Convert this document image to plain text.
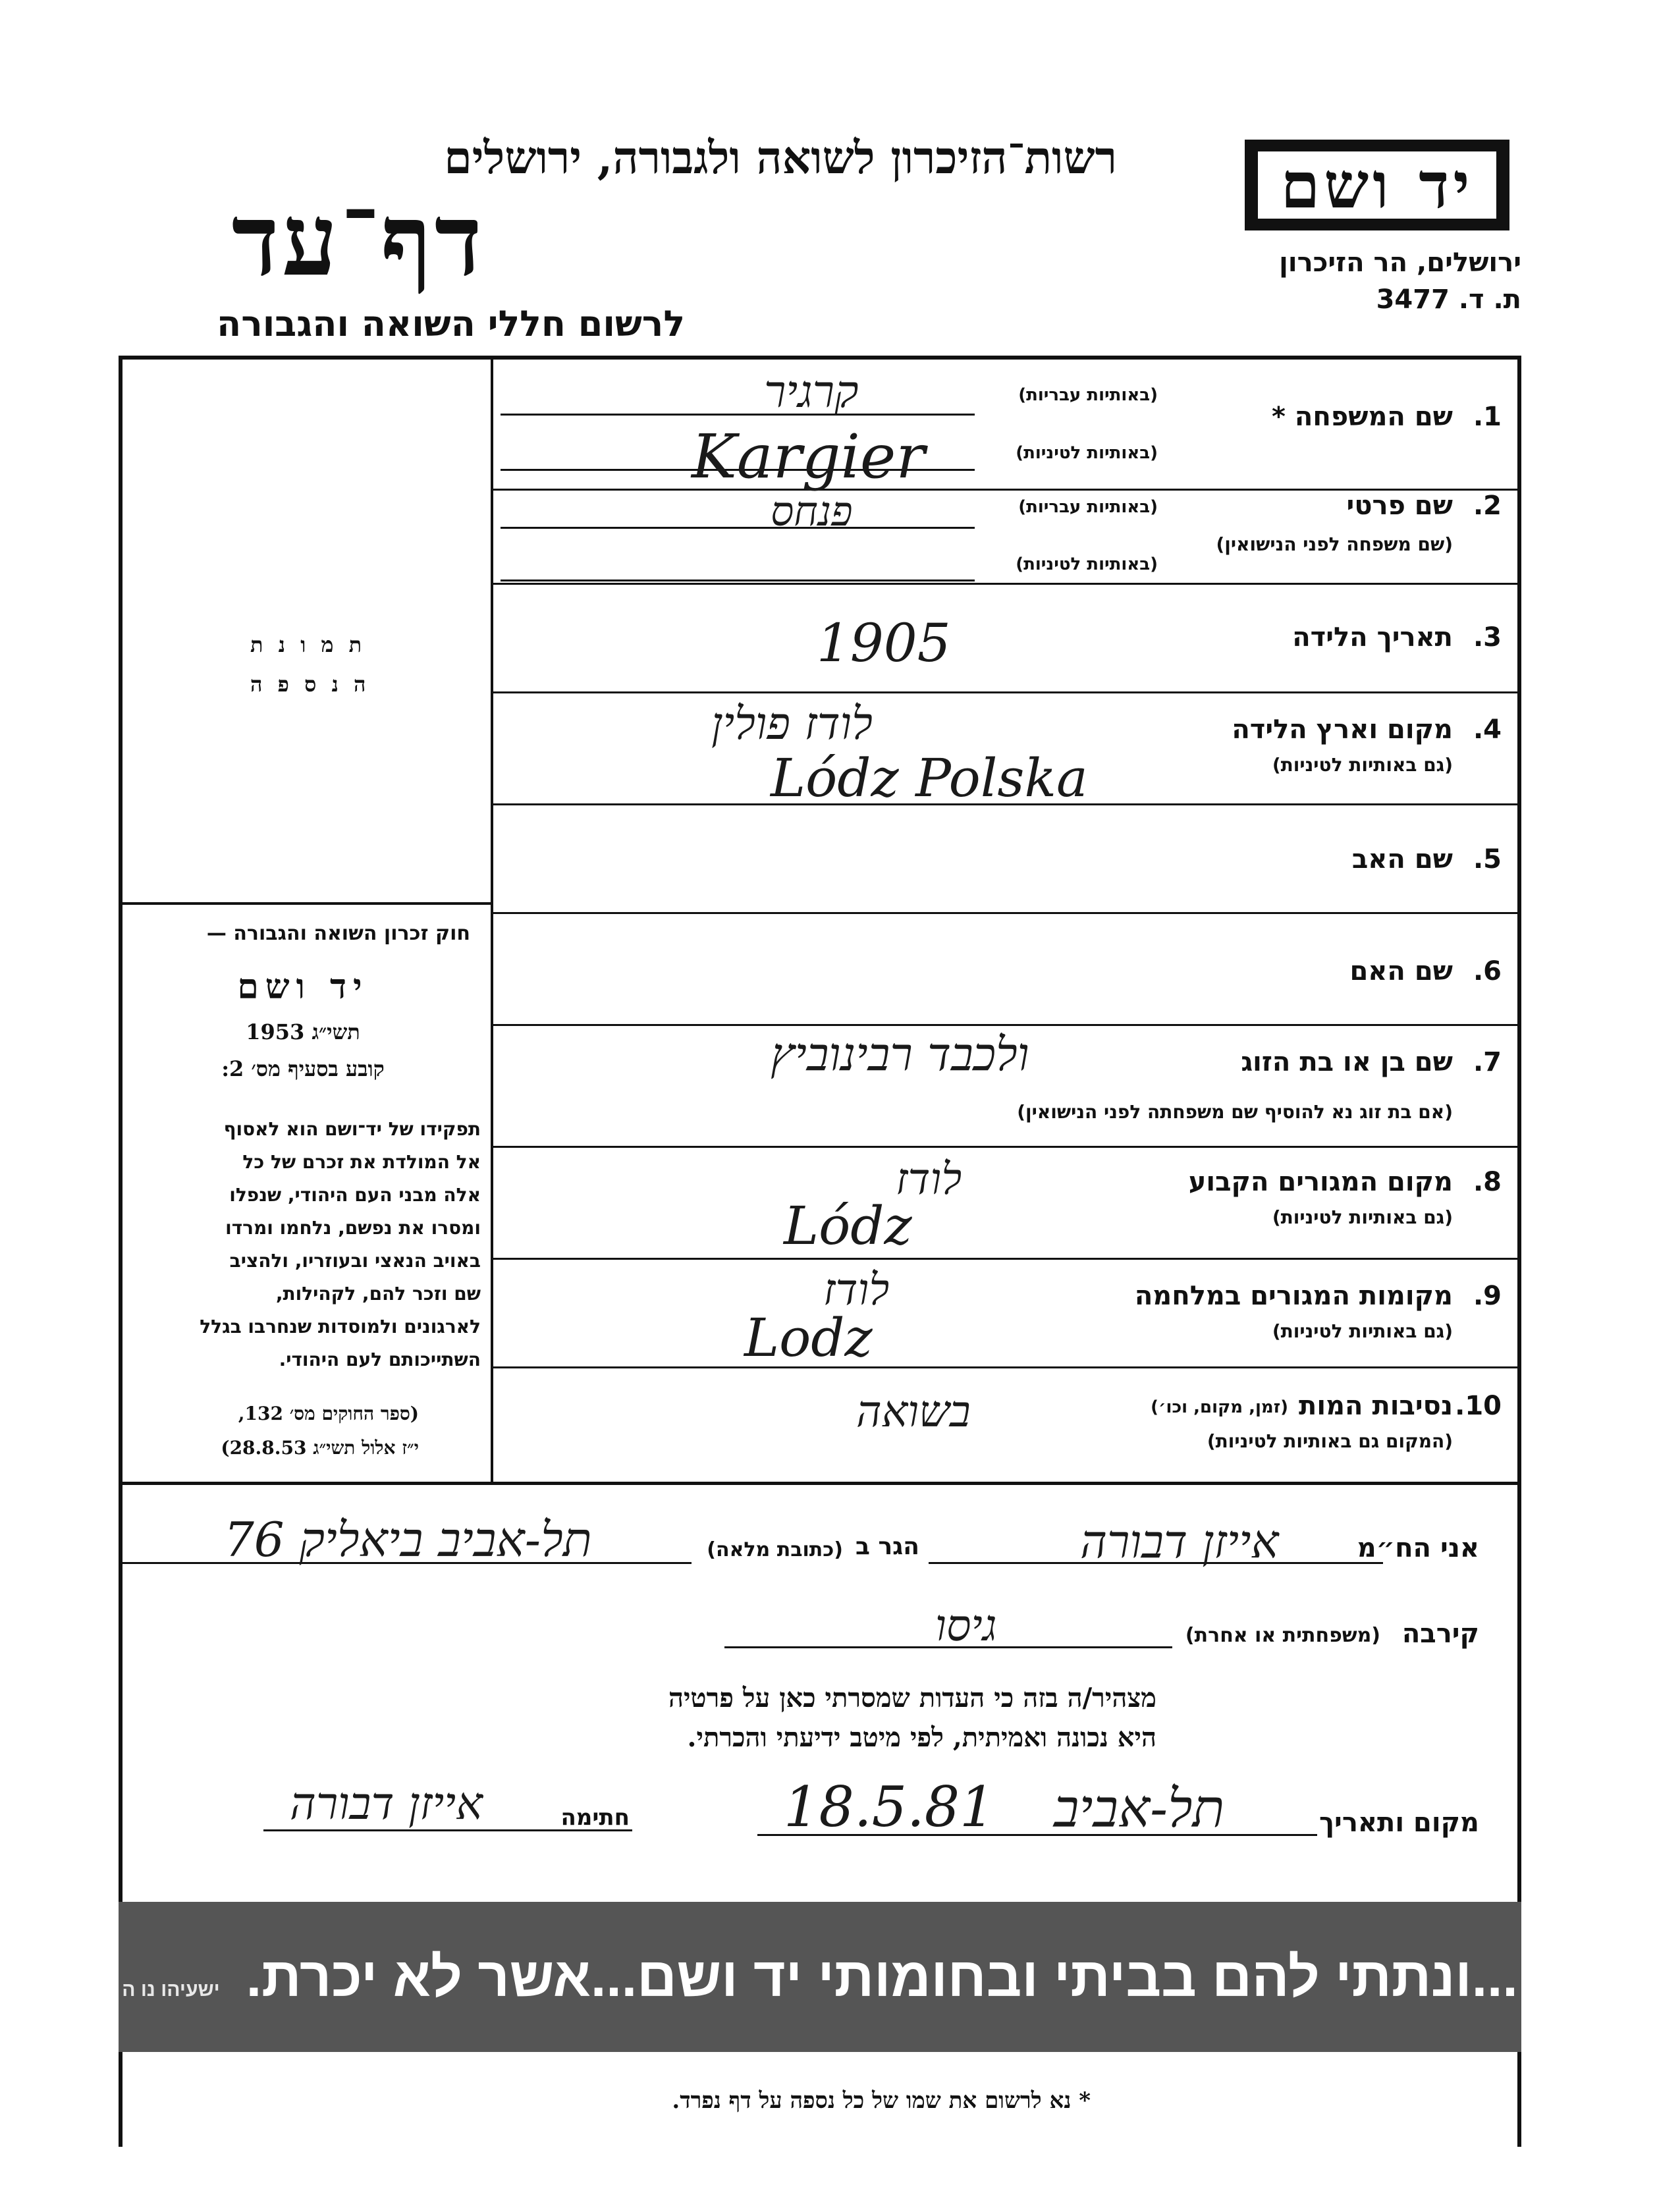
רשות־הזיכרון לשואה ולגבורה, ירושלים
דף־עד
לרשום חללי השואה והגבורה
יד ושם
ירושלים, הר הזיכרון
ת. ד. 3477
ת מ ו נ ת
ה נ ס פ ה
חוק זכרון השואה והגבורה —
יד ושם
תשי״ג 1953
קובע בסעיף מס׳ 2:
תפקידו של יד־ושם הוא לאסוף
אל המולדת את זכרם של כל
אלה מבני העם היהודי, שנפלו
ומסרו את נפשם, נלחמו ומרדו
באויב הנאצי ובעוזריו, ולהציב
שם וזכר להם, לקהילות,
לארגונים ולמוסדות שנחרבו בגלל
השתייכותם לעם היהודי.
(ספר החוקים מס׳ 132,
י״ז אלול תשי״ג 28.8.53)
1.
שם המשפחה *
(באותיות עבריות)
(באותיות לטיניות)
קרגיר
Kargier
2.
שם פרטי
(שם משפחה לפני הנישואין)
(באותיות עבריות)
(באותיות לטיניות)
פנחס
3.
תאריך הלידה
1905
4.
מקום וארץ הלידה
(גם באותיות לטיניות)
לודז פולין
Lódz Polska
5.
שם האב
6.
שם האם
7.
שם בן או בת הזוג
(אם בת זוג נא להוסיף שם משפחתה לפני הנישואין)
ולכבד רבינוביץ
8.
מקום המגורים הקבוע
(גם באותיות לטיניות)
לודז
Lódz
9.
מקומות המגורים במלחמה
(גם באותיות לטיניות)
לודז
Lodz
10.
נסיבות המות
(זמן, מקום, וכו׳)
(המקום גם באותיות לטיניות)
בשואה
אני הח״מ
אייזן דבורה
הגר ב
(כתובת מלאה)
תל-אביב ביאליק 76
קירבה
(משפחתית או אחרת)
גיסו
מצהיר/ה בזה כי העדות שמסרתי כאן על פרטיה
היא נכונה ואמיתית, לפי מיטב ידיעתי והכרתי.
מקום ותאריך
תל-אביב
18.5.81
חתימה
אייזן דבורה
...ונתתי להם בביתי ובחומותי יד ושם...אשר לא יכרת.
ישעיהו נו ה
* נא לרשום את שמו של כל נספה על דף נפרד.
